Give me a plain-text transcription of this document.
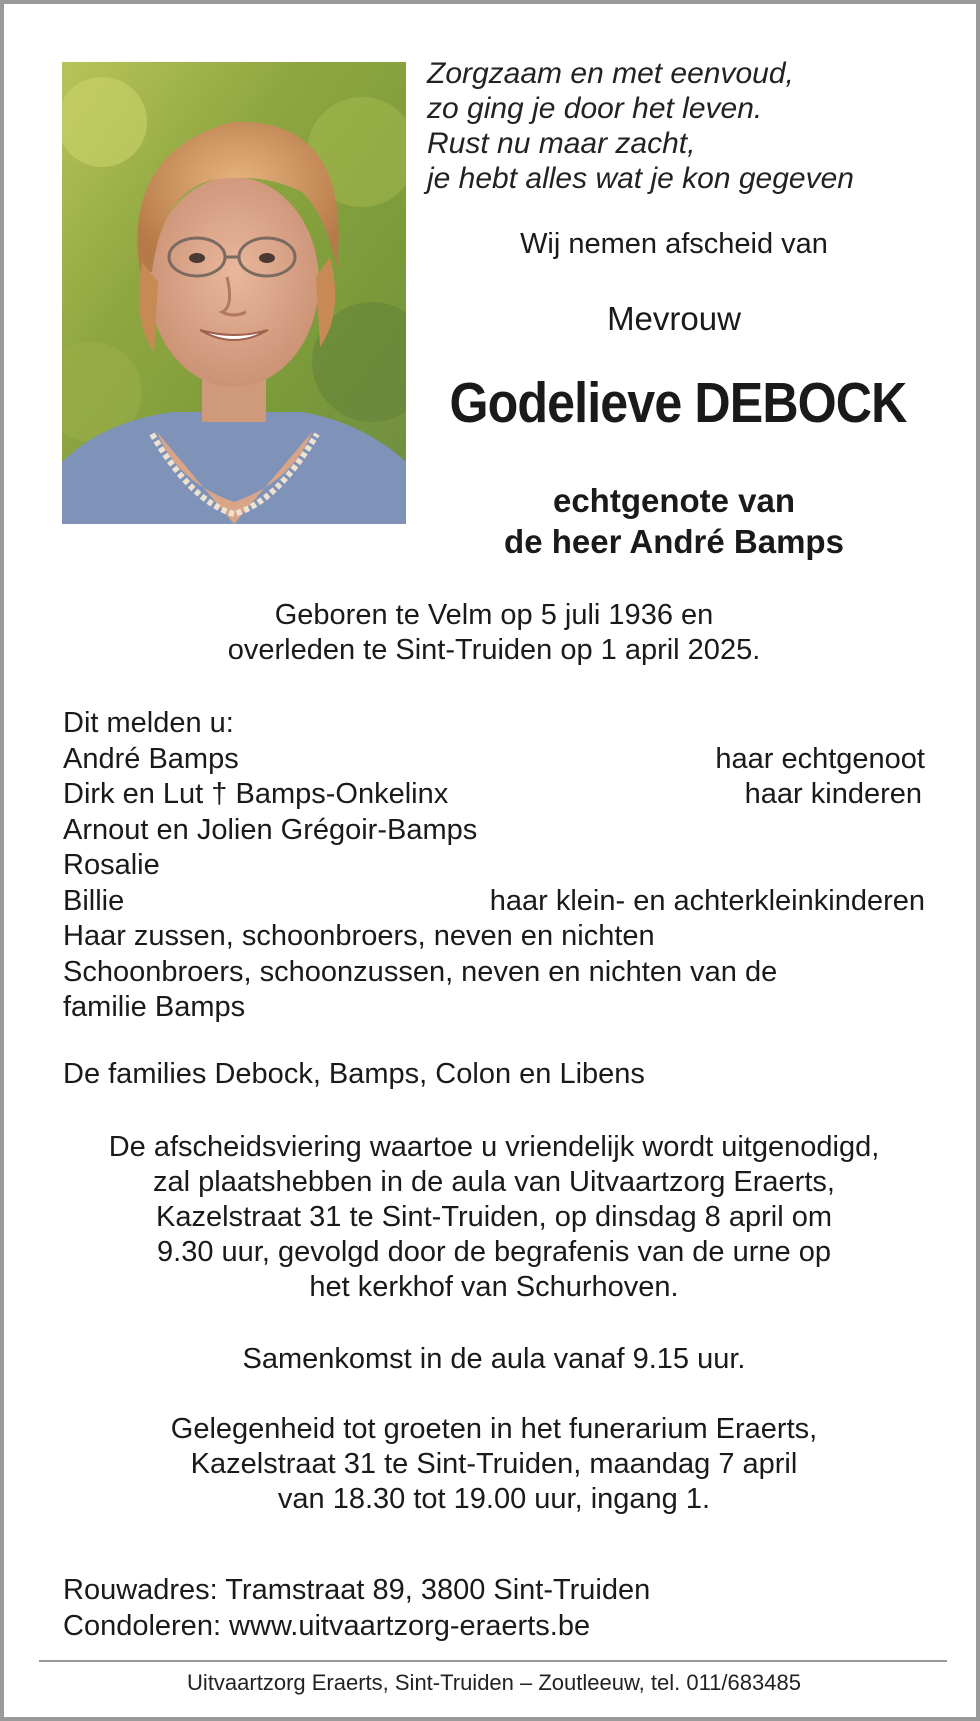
Zorgzaam en met eenvoud,
zo ging je door het leven.
Rust nu maar zacht,
je hebt alles wat je kon gegeven
Wij nemen afscheid van
Mevrouw
Godelieve DEBOCK
echtgenote van
de heer André Bamps
Geboren te Velm op 5 juli 1936 en
overleden te Sint-Truiden op 1 april 2025.
Dit melden u:
André Bamps	haar echtgenoot
Dirk en Lut † Bamps-Onkelinx	haar kinderen
Arnout en Jolien Grégoir-Bamps
Rosalie
Billie	haar klein- en achterkleinkinderen
Haar zussen, schoonbroers, neven en nichten
Schoonbroers, schoonzussen, neven en nichten van de
familie Bamps
De families Debock, Bamps, Colon en Libens
De afscheidsviering waartoe u vriendelijk wordt uitgenodigd,
zal plaatshebben in de aula van Uitvaartzorg Eraerts,
Kazelstraat 31 te Sint-Truiden, op dinsdag 8 april om
9.30 uur, gevolgd door de begrafenis van de urne op
het kerkhof van Schurhoven.
Samenkomst in de aula vanaf 9.15 uur.
Gelegenheid tot groeten in het funerarium Eraerts,
Kazelstraat 31 te Sint-Truiden, maandag 7 april
van 18.30 tot 19.00 uur, ingang 1.
Rouwadres: Tramstraat 89, 3800 Sint-Truiden
Condoleren: www.uitvaartzorg-eraerts.be
Uitvaartzorg Eraerts, Sint-Truiden – Zoutleeuw, tel. 011/683485
